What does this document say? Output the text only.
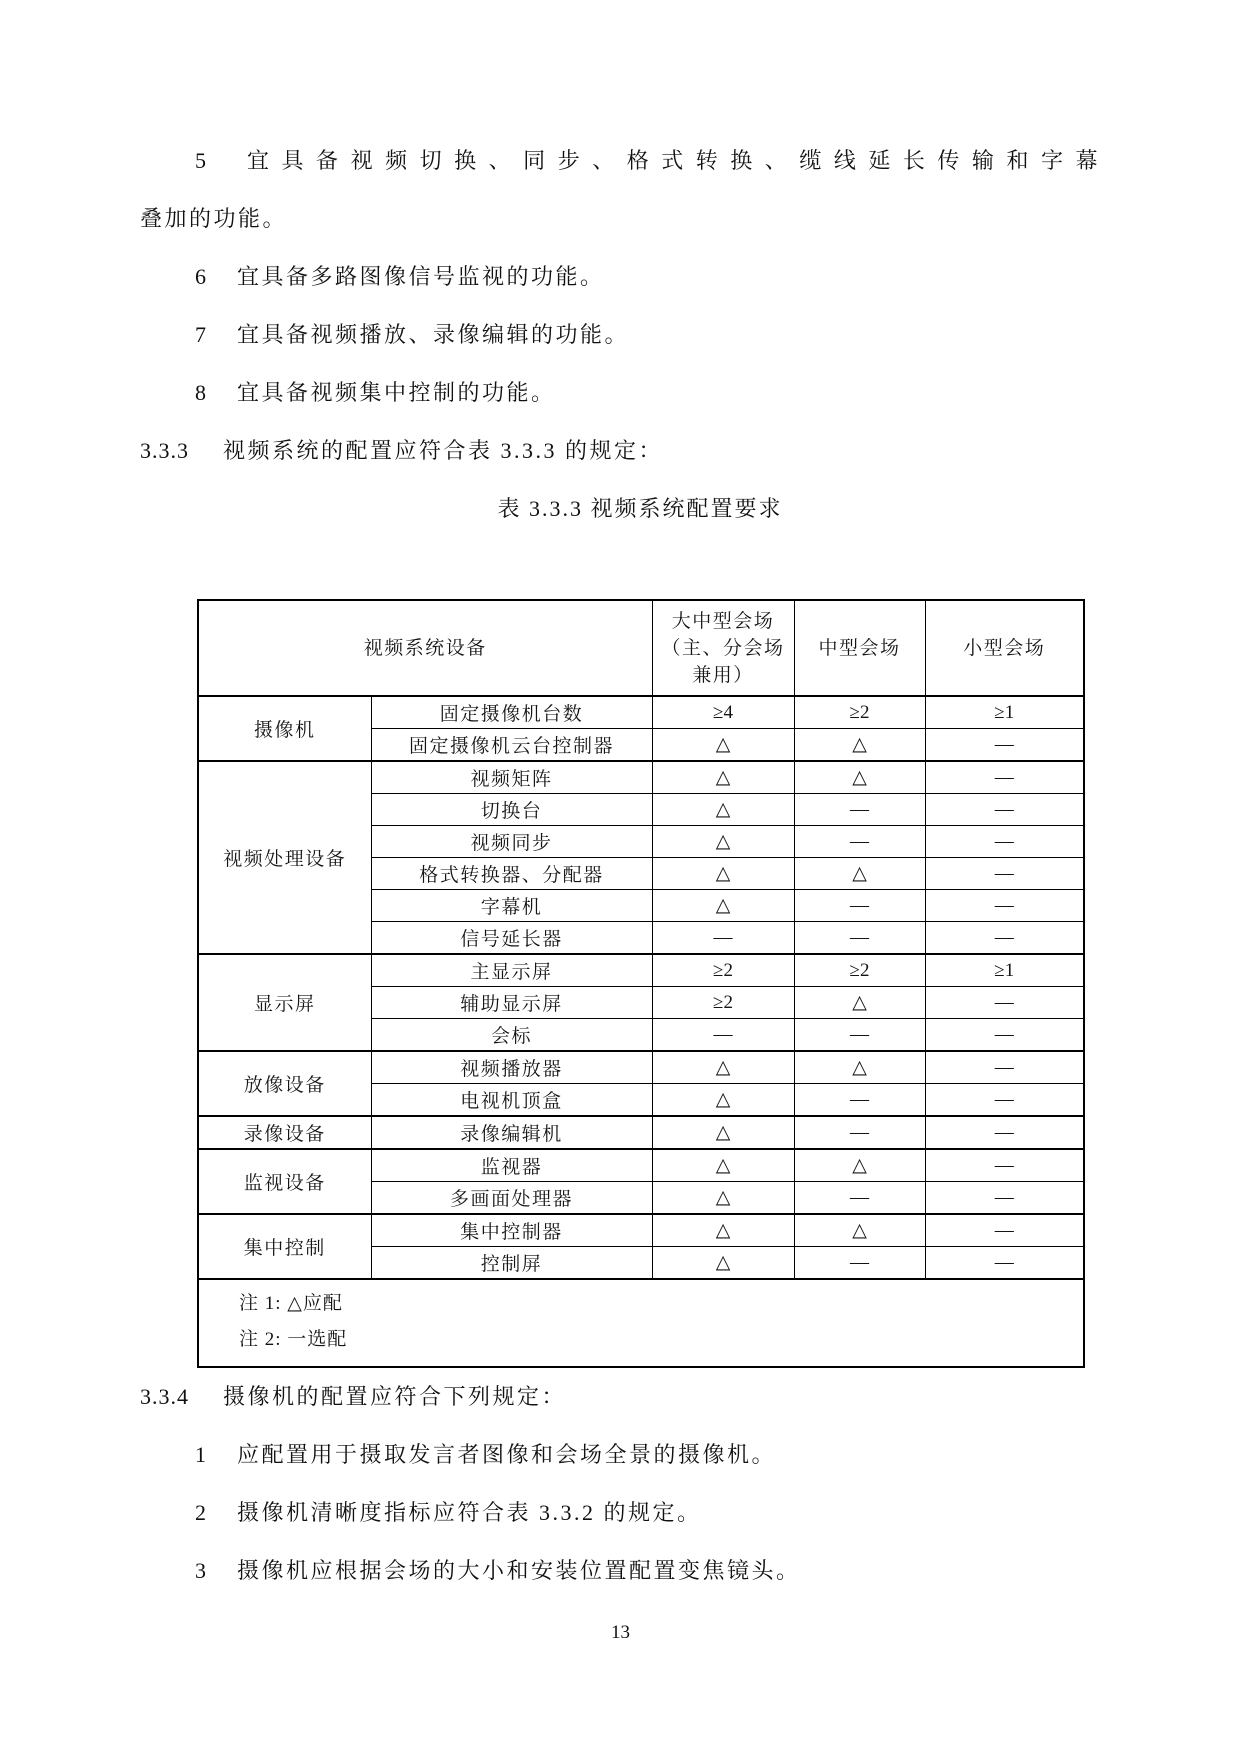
5 宜具备视频切换、同步、格式转换、缆线延长传输和字幕
叠加的功能。
6 宜具备多路图像信号监视的功能。
7 宜具备视频播放、录像编辑的功能。
8 宜具备视频集中控制的功能。
3.3.3 视频系统的配置应符合表 3.3.3 的规定：
表 3.3.3 视频系统配置要求
视频系统设备		大中型会场
（主、分会场
兼用）	中型会场	小型会场
摄像机	固定摄像机台数	≥4	≥2	≥1
	固定摄像机云台控制器	△	△	—
视频处理设备	视频矩阵	△	△	—
	切换台	△	—	—
	视频同步	△	—	—
	格式转换器、分配器	△	△	—
	字幕机	△	—	—
	信号延长器	—	—	—
显示屏	主显示屏	≥2	≥2	≥1
	辅助显示屏	≥2	△	—
	会标	—	—	—
放像设备	视频播放器	△	△	—
	电视机顶盒	△	—	—
录像设备	录像编辑机	△	—	—
监视设备	监视器	△	△	—
	多画面处理器	△	—	—
集中控制	集中控制器	△	△	—
	控制屏	△	—	—

注 1: △应配
注 2: 一选配				
3.3.4 摄像机的配置应符合下列规定：
1 应配置用于摄取发言者图像和会场全景的摄像机。
2 摄像机清晰度指标应符合表 3.3.2 的规定。
3 摄像机应根据会场的大小和安装位置配置变焦镜头。
13
